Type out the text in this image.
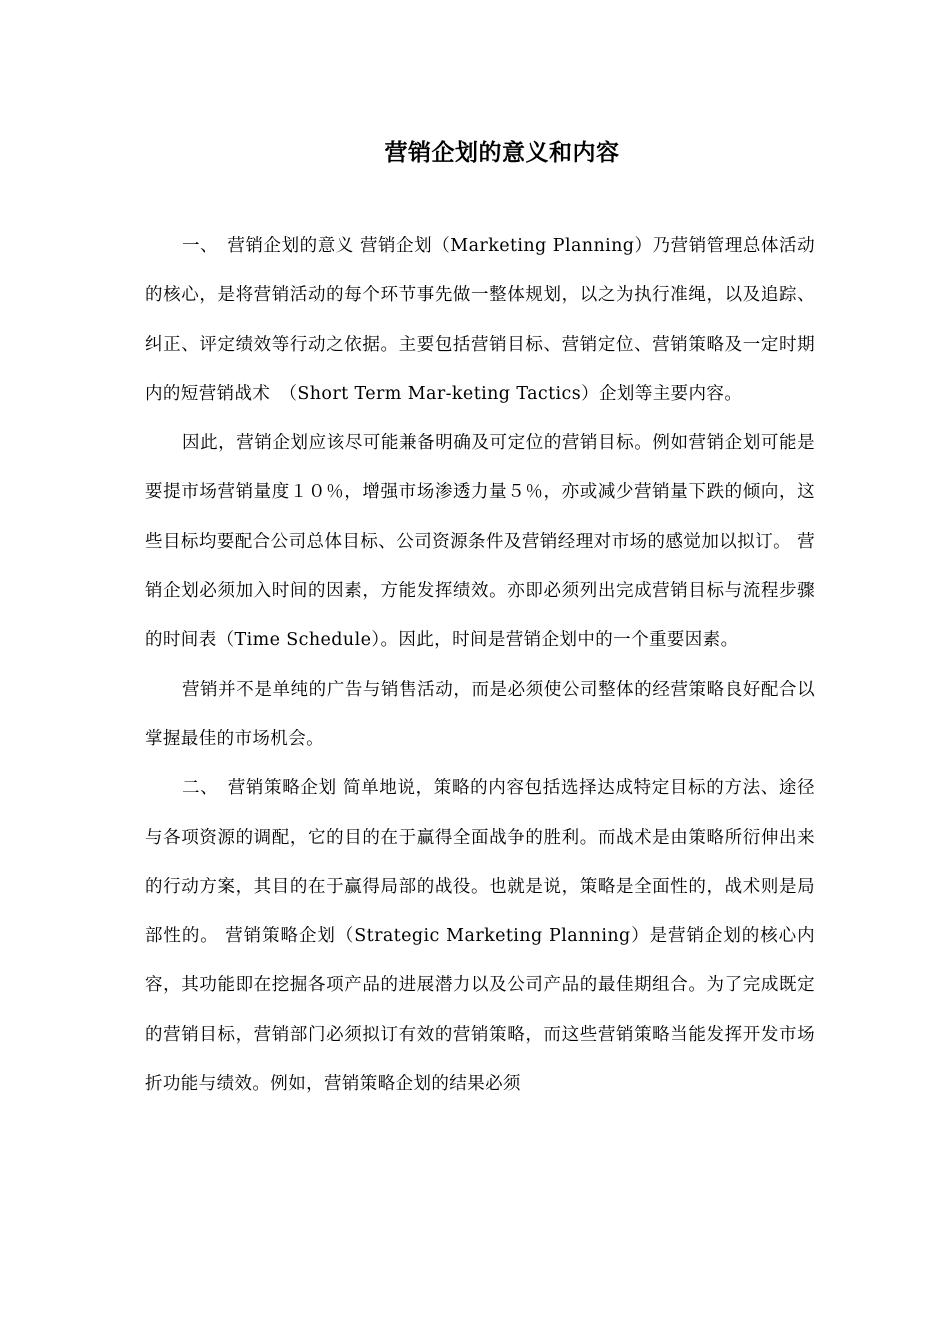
营销企划的意义和内容

一、　营销企划的意义 营销企划（Marketing Planning）乃营销管理总体活动的核心，是将营销活动的每个环节事先做一整体规划，以之为执行准绳，以及追踪、纠正、评定绩效等行动之依据。主要包括营销目标、营销定位、营销策略及一定时期内的短营销战术　（Short Term Mar-keting Tactics）企划等主要内容。

因此，营销企划应该尽可能兼备明确及可定位的营销目标。例如营销企划可能是要提市场营销量度１０％，增强市场渗透力量５％，亦或减少营销量下跌的倾向，这些目标均要配合公司总体目标、公司资源条件及营销经理对市场的感觉加以拟订。 营销企划必须加入时间的因素，方能发挥绩效。亦即必须列出完成营销目标与流程步骤的时间表（Time Schedule）。因此，时间是营销企划中的一个重要因素。

营销并不是单纯的广告与销售活动，而是必须使公司整体的经营策略良好配合以掌握最佳的市场机会。

二、　营销策略企划 简单地说，策略的内容包括选择达成特定目标的方法、途径与各项资源的调配，它的目的在于赢得全面战争的胜利。而战术是由策略所衍伸出来的行动方案，其目的在于赢得局部的战役。也就是说，策略是全面性的，战术则是局部性的。 营销策略企划（Strategic Marketing Planning）是营销企划的核心内容，其功能即在挖掘各项产品的进展潜力以及公司产品的最佳期组合。为了完成既定的营销目标，营销部门必须拟订有效的营销策略，而这些营销策略当能发挥开发市场折功能与绩效。例如，营销策略企划的结果必须
